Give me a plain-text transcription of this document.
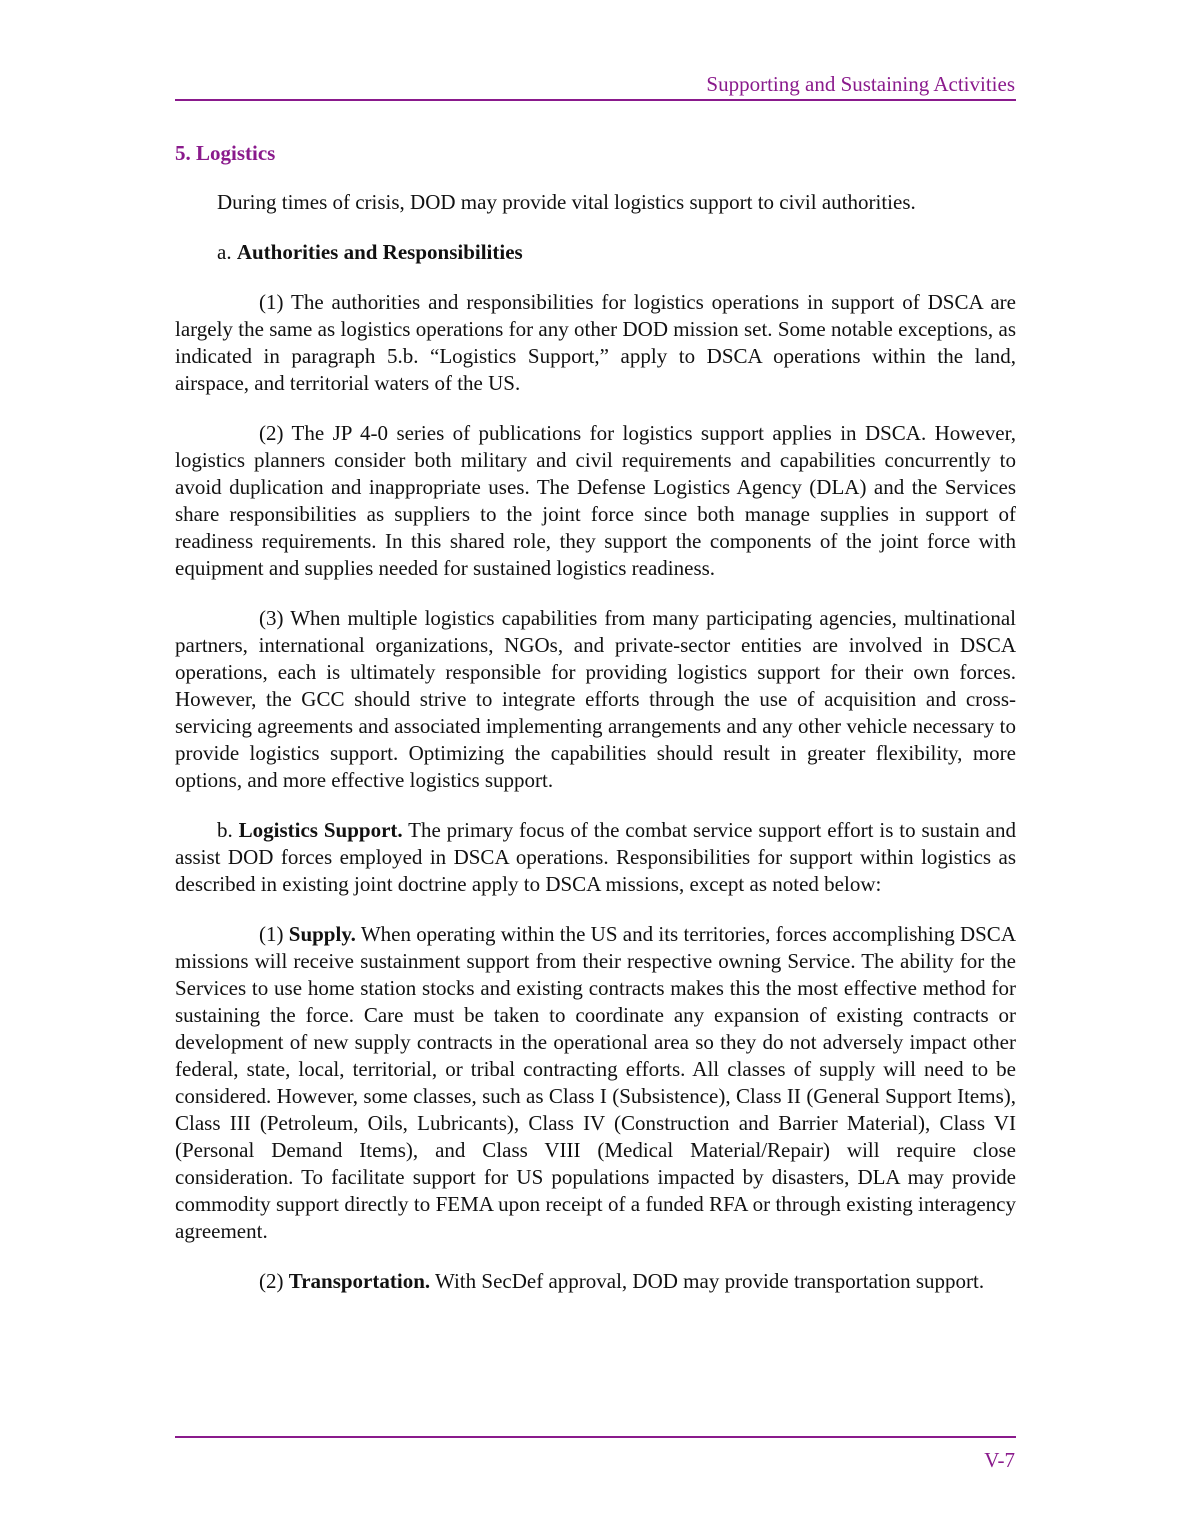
Supporting and Sustaining Activities

5. Logistics

During times of crisis, DOD may provide vital logistics support to civil authorities.

a. Authorities and Responsibilities

(1) The authorities and responsibilities for logistics operations in support of DSCA are largely the same as logistics operations for any other DOD mission set. Some notable exceptions, as indicated in paragraph 5.b. “Logistics Support,” apply to DSCA operations within the land, airspace, and territorial waters of the US.

(2) The JP 4-0 series of publications for logistics support applies in DSCA. However, logistics planners consider both military and civil requirements and capabilities concurrently to avoid duplication and inappropriate uses. The Defense Logistics Agency (DLA) and the Services share responsibilities as suppliers to the joint force since both manage supplies in support of readiness requirements. In this shared role, they support the components of the joint force with equipment and supplies needed for sustained logistics readiness.

(3) When multiple logistics capabilities from many participating agencies, multinational partners, international organizations, NGOs, and private-sector entities are involved in DSCA operations, each is ultimately responsible for providing logistics support for their own forces. However, the GCC should strive to integrate efforts through the use of acquisition and cross-servicing agreements and associated implementing arrangements and any other vehicle necessary to provide logistics support. Optimizing the capabilities should result in greater flexibility, more options, and more effective logistics support.

b. Logistics Support. The primary focus of the combat service support effort is to sustain and assist DOD forces employed in DSCA operations. Responsibilities for support within logistics as described in existing joint doctrine apply to DSCA missions, except as noted below:

(1) Supply. When operating within the US and its territories, forces accomplishing DSCA missions will receive sustainment support from their respective owning Service. The ability for the Services to use home station stocks and existing contracts makes this the most effective method for sustaining the force. Care must be taken to coordinate any expansion of existing contracts or development of new supply contracts in the operational area so they do not adversely impact other federal, state, local, territorial, or tribal contracting efforts. All classes of supply will need to be considered. However, some classes, such as Class I (Subsistence), Class II (General Support Items), Class III (Petroleum, Oils, Lubricants), Class IV (Construction and Barrier Material), Class VI (Personal Demand Items), and Class VIII (Medical Material/Repair) will require close consideration. To facilitate support for US populations impacted by disasters, DLA may provide commodity support directly to FEMA upon receipt of a funded RFA or through existing interagency agreement.

(2) Transportation. With SecDef approval, DOD may provide transportation support.

V-7
